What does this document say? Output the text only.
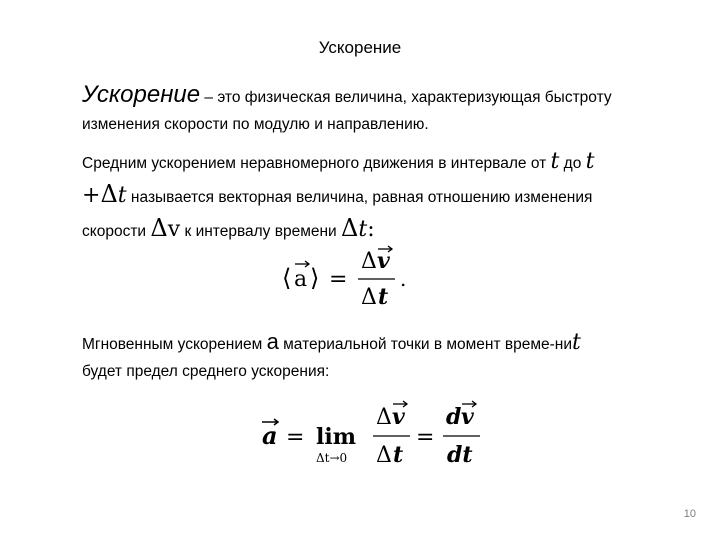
Ускорение
Ускорение – это физическая величина, характеризующая быстроту
изменения скорости по модулю и направлению.
Средним ускорением неравномерного движения в интервале от t до t
+Δt называется векторная величина, равная отношению изменения
скорости Δv к интервалу времени Δt:
⟨ a ⟩ =
Δ v
Δ t
.
Мгновенным ускорением а материальной точки в момент време-ниt
будет предел среднего ускорения:
a = lim
Δt→0
Δ v
Δ t
=
d v
dt
10
